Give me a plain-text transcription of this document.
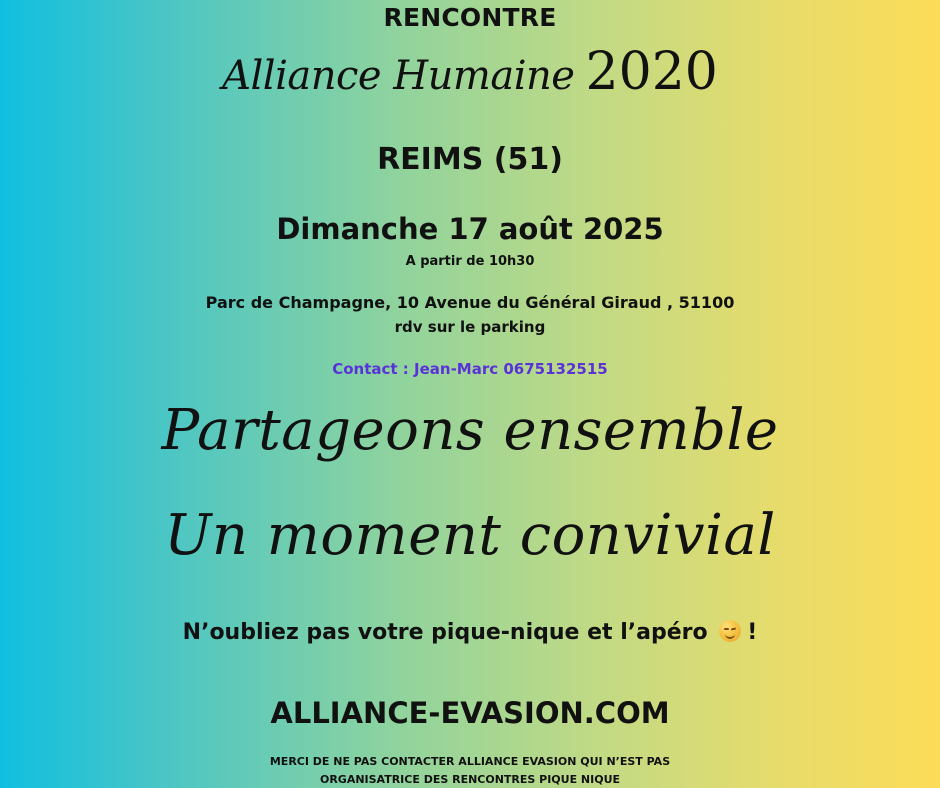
RENCONTRE
Alliance Humaine 2020
REIMS (51)
Dimanche 17 août 2025
A partir de 10h30
Parc de Champagne, 10 Avenue du Général Giraud , 51100
rdv sur le parking
Contact : Jean-Marc 0675132515
Partageons ensemble
Un moment convivial
N’oubliez pas votre pique-nique et l’apéro !
ALLIANCE-EVASION.COM
MERCI DE NE PAS CONTACTER ALLIANCE EVASION QUI N’EST PAS
ORGANISATRICE DES RENCONTRES PIQUE NIQUE
